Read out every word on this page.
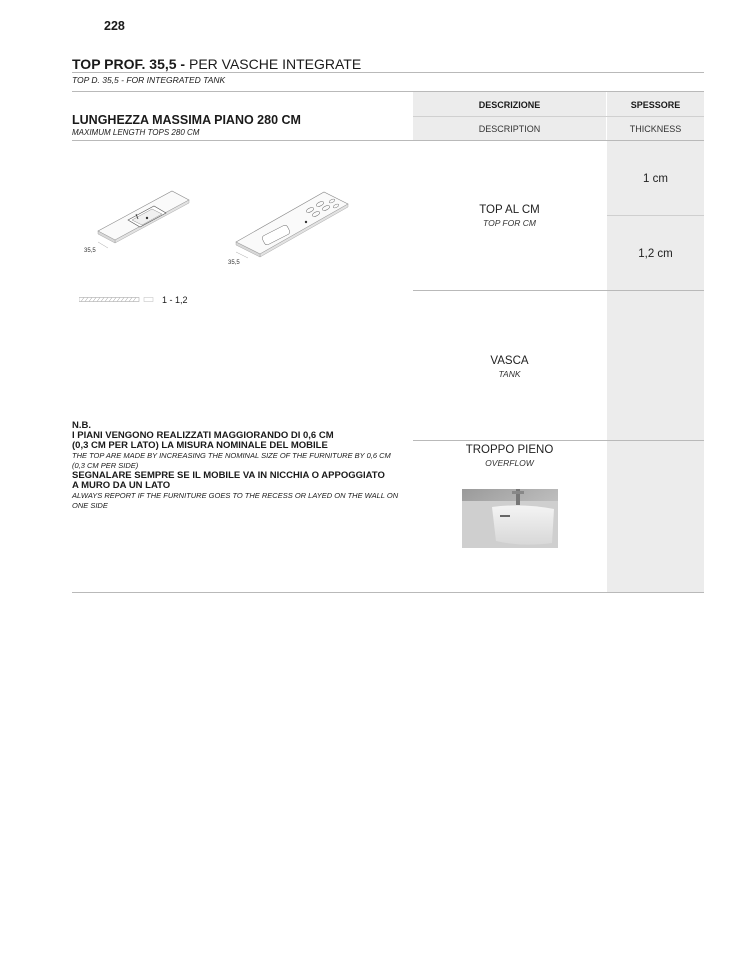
228
TOP PROF. 35,5 - PER VASCHE INTEGRATE
TOP D. 35,5 - FOR INTEGRATED TANK
DESCRIZIONE	SPESSORE
DESCRIPTION	THICKNESS
LUNGHEZZA MASSIMA PIANO 280 CM
MAXIMUM LENGTH TOPS 280 CM
TOP AL CM
TOP FOR CM
1 cm
1,2 cm
VASCA
TANK
TROPPO PIENO
OVERFLOW
35,5
35,5
1 - 1,2
N.B.
I PIANI VENGONO REALIZZATI MAGGIORANDO DI 0,6 CM
(0,3 CM PER LATO) LA MISURA NOMINALE DEL MOBILE
THE TOP ARE MADE BY INCREASING THE NOMINAL SIZE OF THE FURNITURE BY 0,6 CM
(0,3 CM PER SIDE)
SEGNALARE SEMPRE SE IL MOBILE VA IN NICCHIA O APPOGGIATO
A MURO DA UN LATO
ALWAYS REPORT IF THE FURNITURE GOES TO THE RECESS OR LAYED ON THE WALL ON
ONE SIDE
